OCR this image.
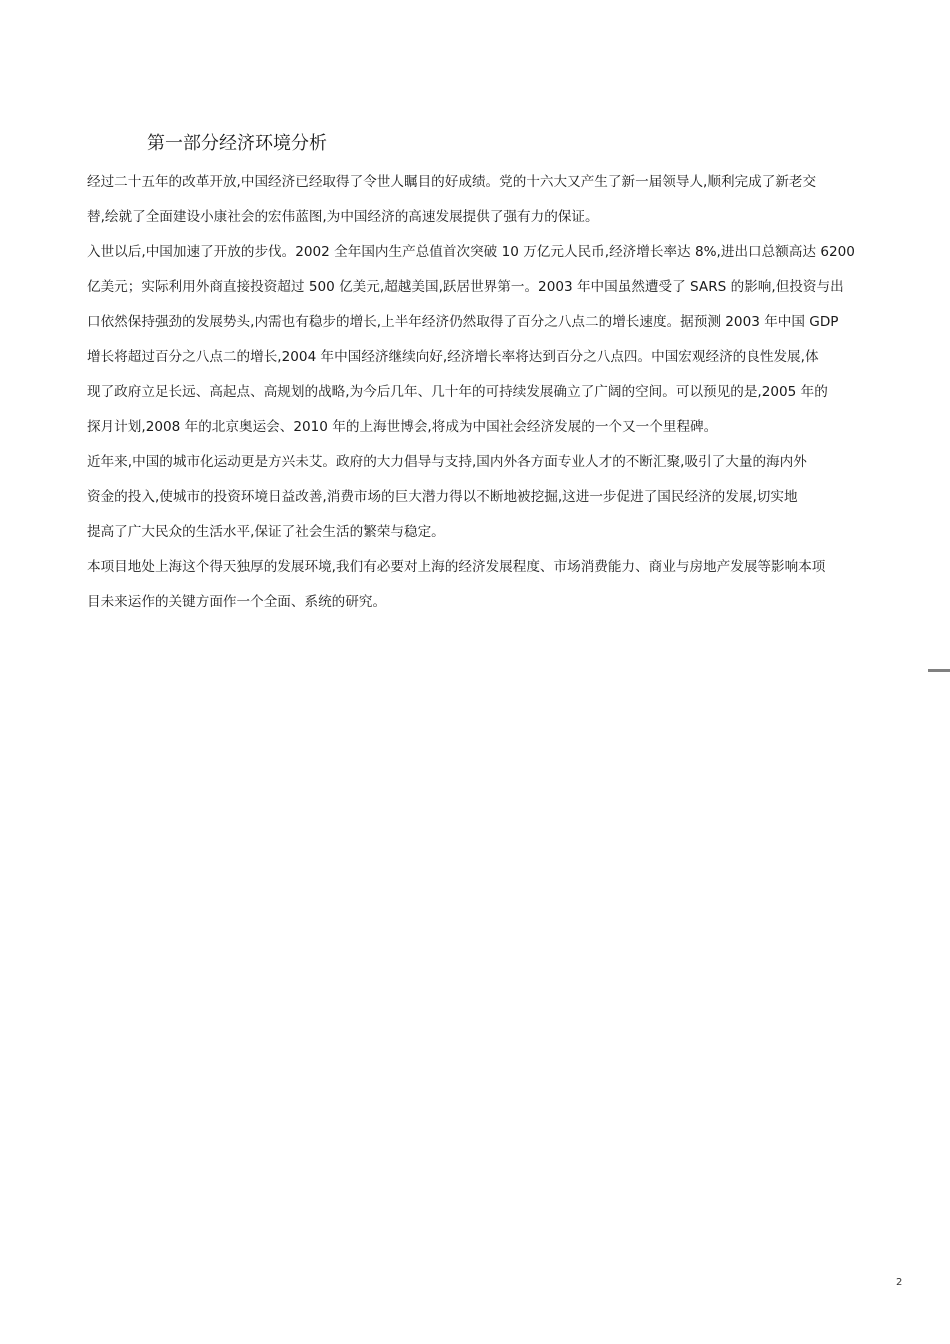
第一部分经济环境分析

经过二十五年的改革开放,中国经济已经取得了令世人瞩目的好成绩。党的十六大又产生了新一届领导人,顺利完成了新老交

替,绘就了全面建设小康社会的宏伟蓝图,为中国经济的高速发展提供了强有力的保证。

入世以后,中国加速了开放的步伐。2002 全年国内生产总值首次突破 10 万亿元人民币,经济增长率达 8%,进出口总额高达 6200

亿美元；实际利用外商直接投资超过 500 亿美元,超越美国,跃居世界第一。2003 年中国虽然遭受了 SARS 的影响,但投资与出

口依然保持强劲的发展势头,内需也有稳步的增长,上半年经济仍然取得了百分之八点二的增长速度。据预测 2003 年中国 GDP

增长将超过百分之八点二的增长,2004 年中国经济继续向好,经济增长率将达到百分之八点四。中国宏观经济的良性发展,体

现了政府立足长远、高起点、高规划的战略,为今后几年、几十年的可持续发展确立了广阔的空间。可以预见的是,2005 年的

探月计划,2008 年的北京奥运会、2010 年的上海世博会,将成为中国社会经济发展的一个又一个里程碑。

近年来,中国的城市化运动更是方兴未艾。政府的大力倡导与支持,国内外各方面专业人才的不断汇聚,吸引了大量的海内外

资金的投入,使城市的投资环境日益改善,消费市场的巨大潜力得以不断地被挖掘,这进一步促进了国民经济的发展,切实地

提高了广大民众的生活水平,保证了社会生活的繁荣与稳定。

本项目地处上海这个得天独厚的发展环境,我们有必要对上海的经济发展程度、市场消费能力、商业与房地产发展等影响本项

目未来运作的关键方面作一个全面、系统的研究。

2
